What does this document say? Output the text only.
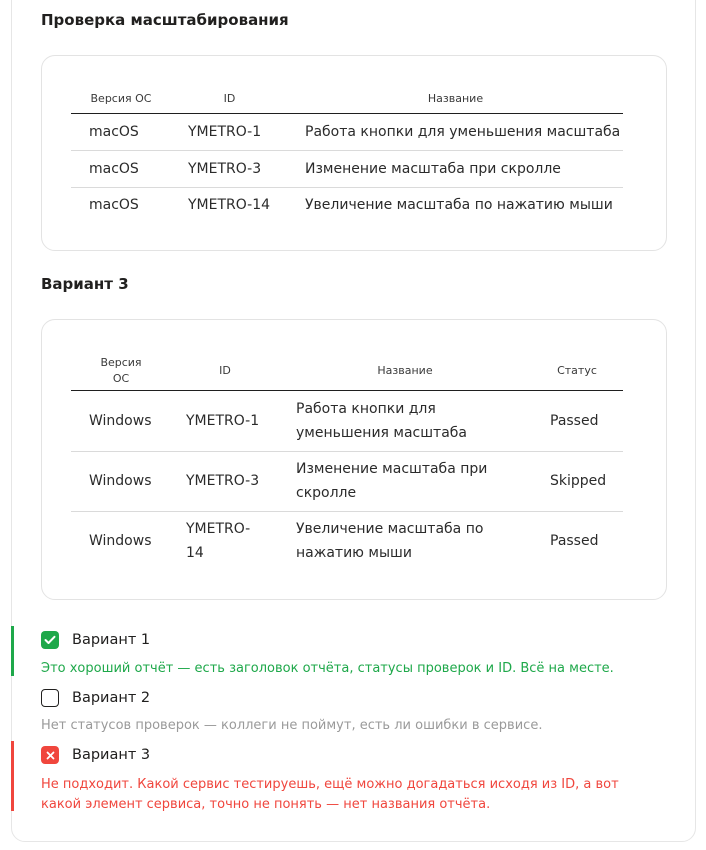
Проверка масштабирования
Версия ОС	ID	Название
macOS	YMETRO-1	Работа кнопки для уменьшения масштаба
macOS	YMETRO-3	Изменение масштаба при скролле
macOS	YMETRO-14	Увеличение масштаба по нажатию мыши
Вариант 3
Версия ОС	ID	Название	Статус
Windows	YMETRO-1	Работа кнопки для уменьшения масштаба	Passed
Windows	YMETRO-3	Изменение масштаба при скролле	Skipped
Windows	YMETRO-14	Увеличение масштаба по нажатию мыши	Passed
Вариант 1
Это хороший отчёт — есть заголовок отчёта, статусы проверок и ID. Всё на месте.
Вариант 2
Нет статусов проверок — коллеги не поймут, есть ли ошибки в сервисе.
Вариант 3
Не подходит. Какой сервис тестируешь, ещё можно догадаться исходя из ID, а вот какой элемент сервиса, точно не понять — нет названия отчёта.
